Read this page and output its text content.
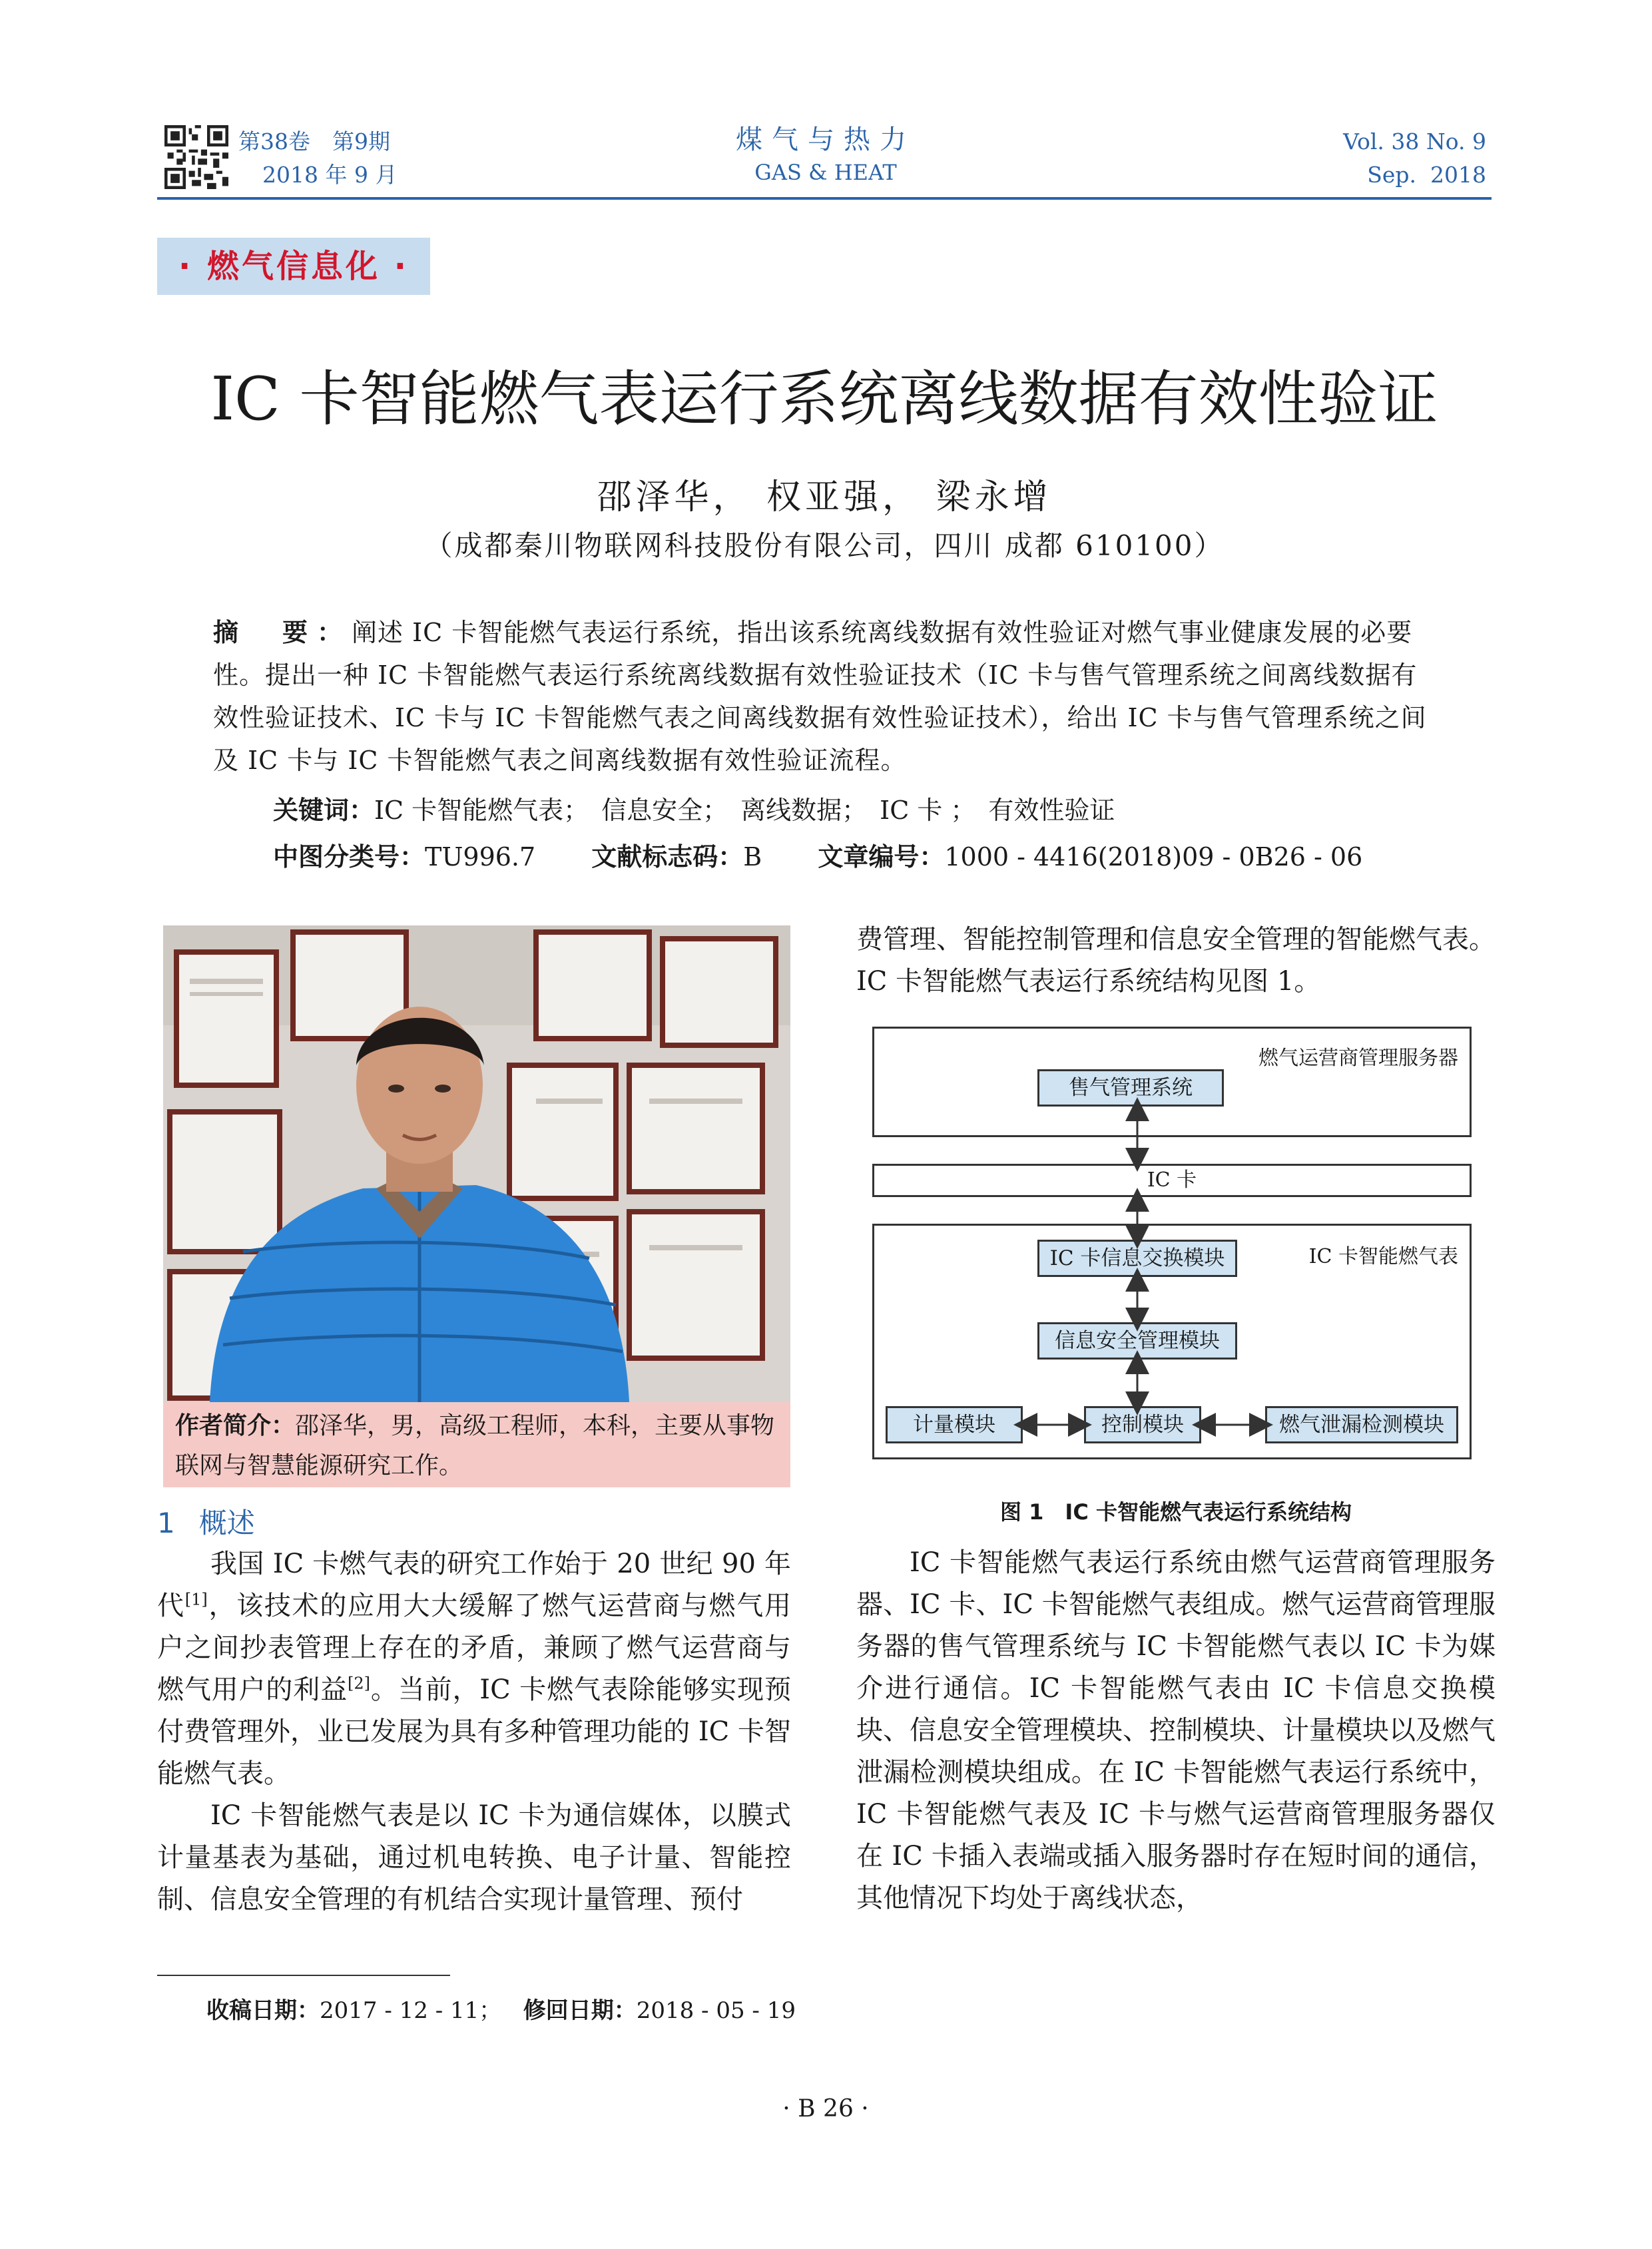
第38卷　第9期
2018 年 9 月
煤气与热力
GAS & HEAT
Vol. 38 No. 9
Sep.  2018
· 燃气信息化 ·
IC 卡智能燃气表运行系统离线数据有效性验证
邵泽华， 权亚强， 梁永增
（成都秦川物联网科技股份有限公司，四川 成都 610100）
摘　要：阐述 IC 卡智能燃气表运行系统，指出该系统离线数据有效性验证对燃气事业健康发展的必要性。提出一种 IC 卡智能燃气表运行系统离线数据有效性验证技术（IC 卡与售气管理系统之间离线数据有效性验证技术、IC 卡与 IC 卡智能燃气表之间离线数据有效性验证技术），给出 IC 卡与售气管理系统之间及 IC 卡与 IC 卡智能燃气表之间离线数据有效性验证流程。
关键词：IC 卡智能燃气表；　信息安全；　离线数据；　IC 卡 ；　有效性验证
中图分类号：TU996.7 文献标志码：B 文章编号：1000 - 4416(2018)09 - 0B26 - 06
作者简介：邵泽华，男，高级工程师，本科，主要从事物联网与智慧能源研究工作。
1 概述

我国 IC 卡燃气表的研究工作始于 20 世纪 90 年代[1]，该技术的应用大大缓解了燃气运营商与燃气用户之间抄表管理上存在的矛盾，兼顾了燃气运营商与燃气用户的利益[2]。当前，IC 卡燃气表除能够实现预付费管理外，业已发展为具有多种管理功能的 IC 卡智能燃气表。

IC 卡智能燃气表是以 IC 卡为通信媒体，以膜式计量基表为基础，通过机电转换、电子计量、智能控制、信息安全管理的有机结合实现计量管理、预付

费管理、智能控制管理和信息安全管理的智能燃气表。IC 卡智能燃气表运行系统结构见图 1。

燃气运营商管理服务器
售气管理系统
IC 卡
IC 卡智能燃气表
IC 卡信息交换模块
信息安全管理模块
计量模块	控制模块	燃气泄漏检测模块
图 1　IC 卡智能燃气表运行系统结构

IC 卡智能燃气表运行系统由燃气运营商管理服务器、IC 卡、IC 卡智能燃气表组成。燃气运营商管理服务器的售气管理系统与 IC 卡智能燃气表以 IC 卡为媒介进行通信。IC 卡智能燃气表由 IC 卡信息交换模块、信息安全管理模块、控制模块、计量模块以及燃气泄漏检测模块组成。在 IC 卡智能燃气表运行系统中，IC 卡智能燃气表及 IC 卡与燃气运营商管理服务器仅在 IC 卡插入表端或插入服务器时存在短时间的通信，其他情况下均处于离线状态，

收稿日期：2017 - 12 - 11； 修回日期：2018 - 05 - 19
· B 26 ·
